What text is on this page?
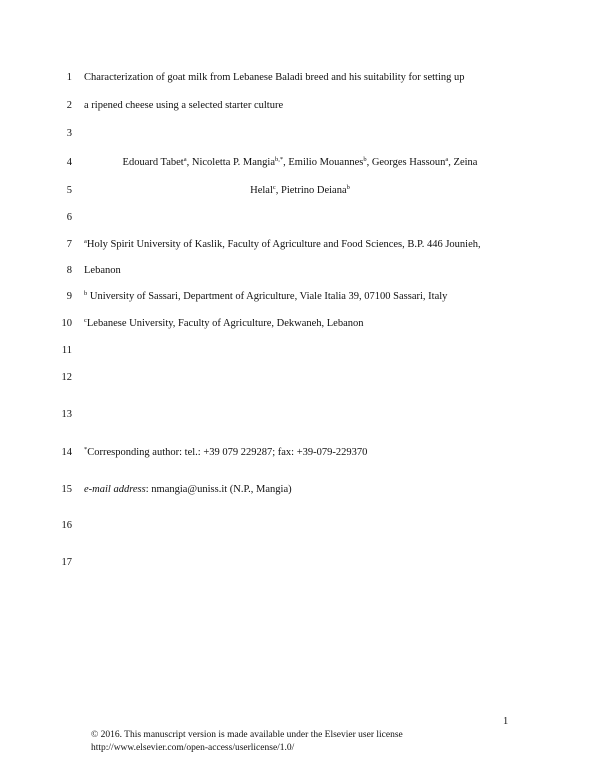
1
2
3
4
5
6
7
8
9
10
11
12
13
14
15
16
17
Characterization of goat milk from Lebanese Baladi breed and his suitability for setting up
a ripened cheese using a selected starter culture
Edouard Tabet$^a$, Nicoletta P. Mangia$^{b,*}$, Emilio Mouannes$^b$, Georges Hassoun$^a$, Zeina
Helal$^c$, Pietrino Deiana$^b$
$^a$Holy Spirit University of Kaslik, Faculty of Agriculture and Food Sciences, B.P. 446 Jounieh,
Lebanon
$^b$ University of Sassari, Department of Agriculture, Viale Italia 39, 07100 Sassari, Italy
$^c$Lebanese University, Faculty of Agriculture, Dekwaneh, Lebanon
*Corresponding author: tel.: +39 079 229287; fax: +39-079-229370
e-mail address: nmangia@uniss.it (N.P., Mangia)
1
© 2016. This manuscript version is made available under the Elsevier user license
http://www.elsevier.com/open-access/userlicense/1.0/
